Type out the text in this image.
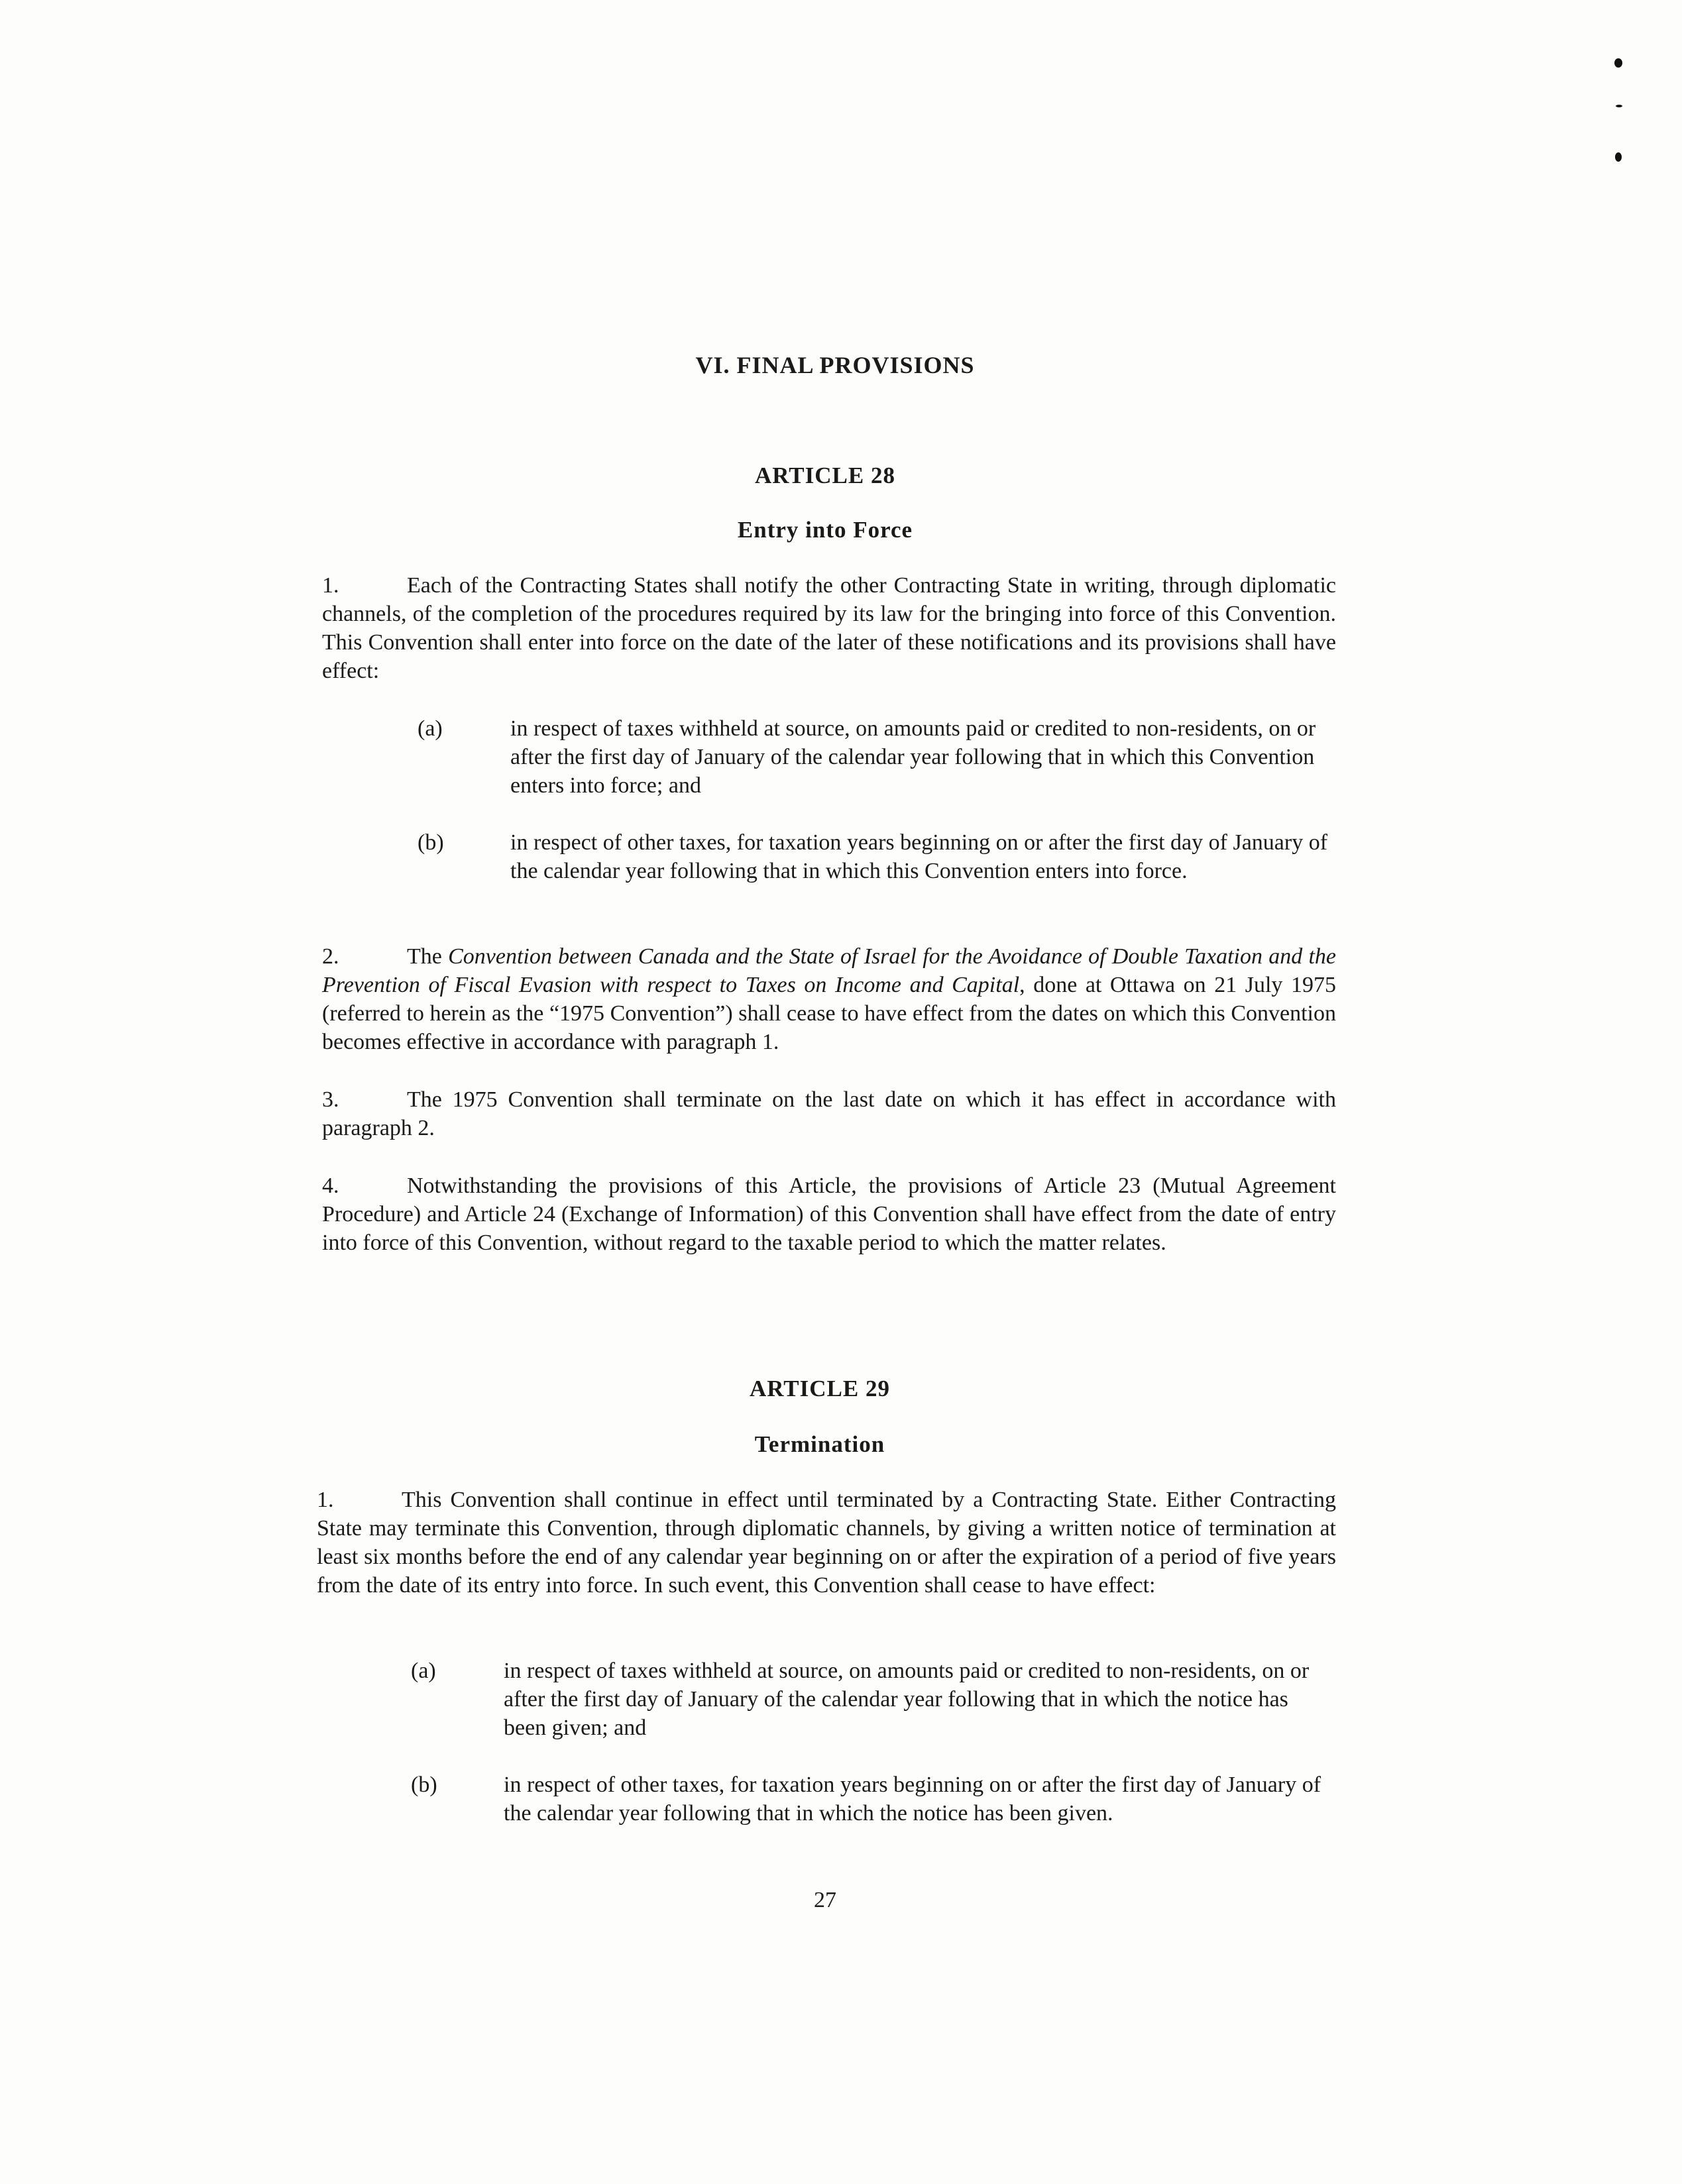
VI. FINAL PROVISIONS
ARTICLE 28
Entry into Force
1.	Each of the Contracting States shall notify the other Contracting State in writing, through diplomatic channels, of the completion of the procedures required by its law for the bringing into force of this Convention. This Convention shall enter into force on the date of the later of these notifications and its provisions shall have effect:
(a)	in respect of taxes withheld at source, on amounts paid or credited to non-residents, on or after the first day of January of the calendar year following that in which this Convention enters into force; and
(b)	in respect of other taxes, for taxation years beginning on or after the first day of January of the calendar year following that in which this Convention enters into force.
2.	The Convention between Canada and the State of Israel for the Avoidance of Double Taxation and the Prevention of Fiscal Evasion with respect to Taxes on Income and Capital, done at Ottawa on 21 July 1975 (referred to herein as the “1975 Convention”) shall cease to have effect from the dates on which this Convention becomes effective in accordance with paragraph 1.
3.	The 1975 Convention shall terminate on the last date on which it has effect in accordance with paragraph 2.
4.	Notwithstanding the provisions of this Article, the provisions of Article 23 (Mutual Agreement Procedure) and Article 24 (Exchange of Information) of this Convention shall have effect from the date of entry into force of this Convention, without regard to the taxable period to which the matter relates.
ARTICLE 29
Termination
1.	This Convention shall continue in effect until terminated by a Contracting State. Either Contracting State may terminate this Convention, through diplomatic channels, by giving a written notice of termination at least six months before the end of any calendar year beginning on or after the expiration of a period of five years from the date of its entry into force. In such event, this Convention shall cease to have effect:
(a)	in respect of taxes withheld at source, on amounts paid or credited to non-residents, on or after the first day of January of the calendar year following that in which the notice has been given; and
(b)	in respect of other taxes, for taxation years beginning on or after the first day of January of the calendar year following that in which the notice has been given.
27
